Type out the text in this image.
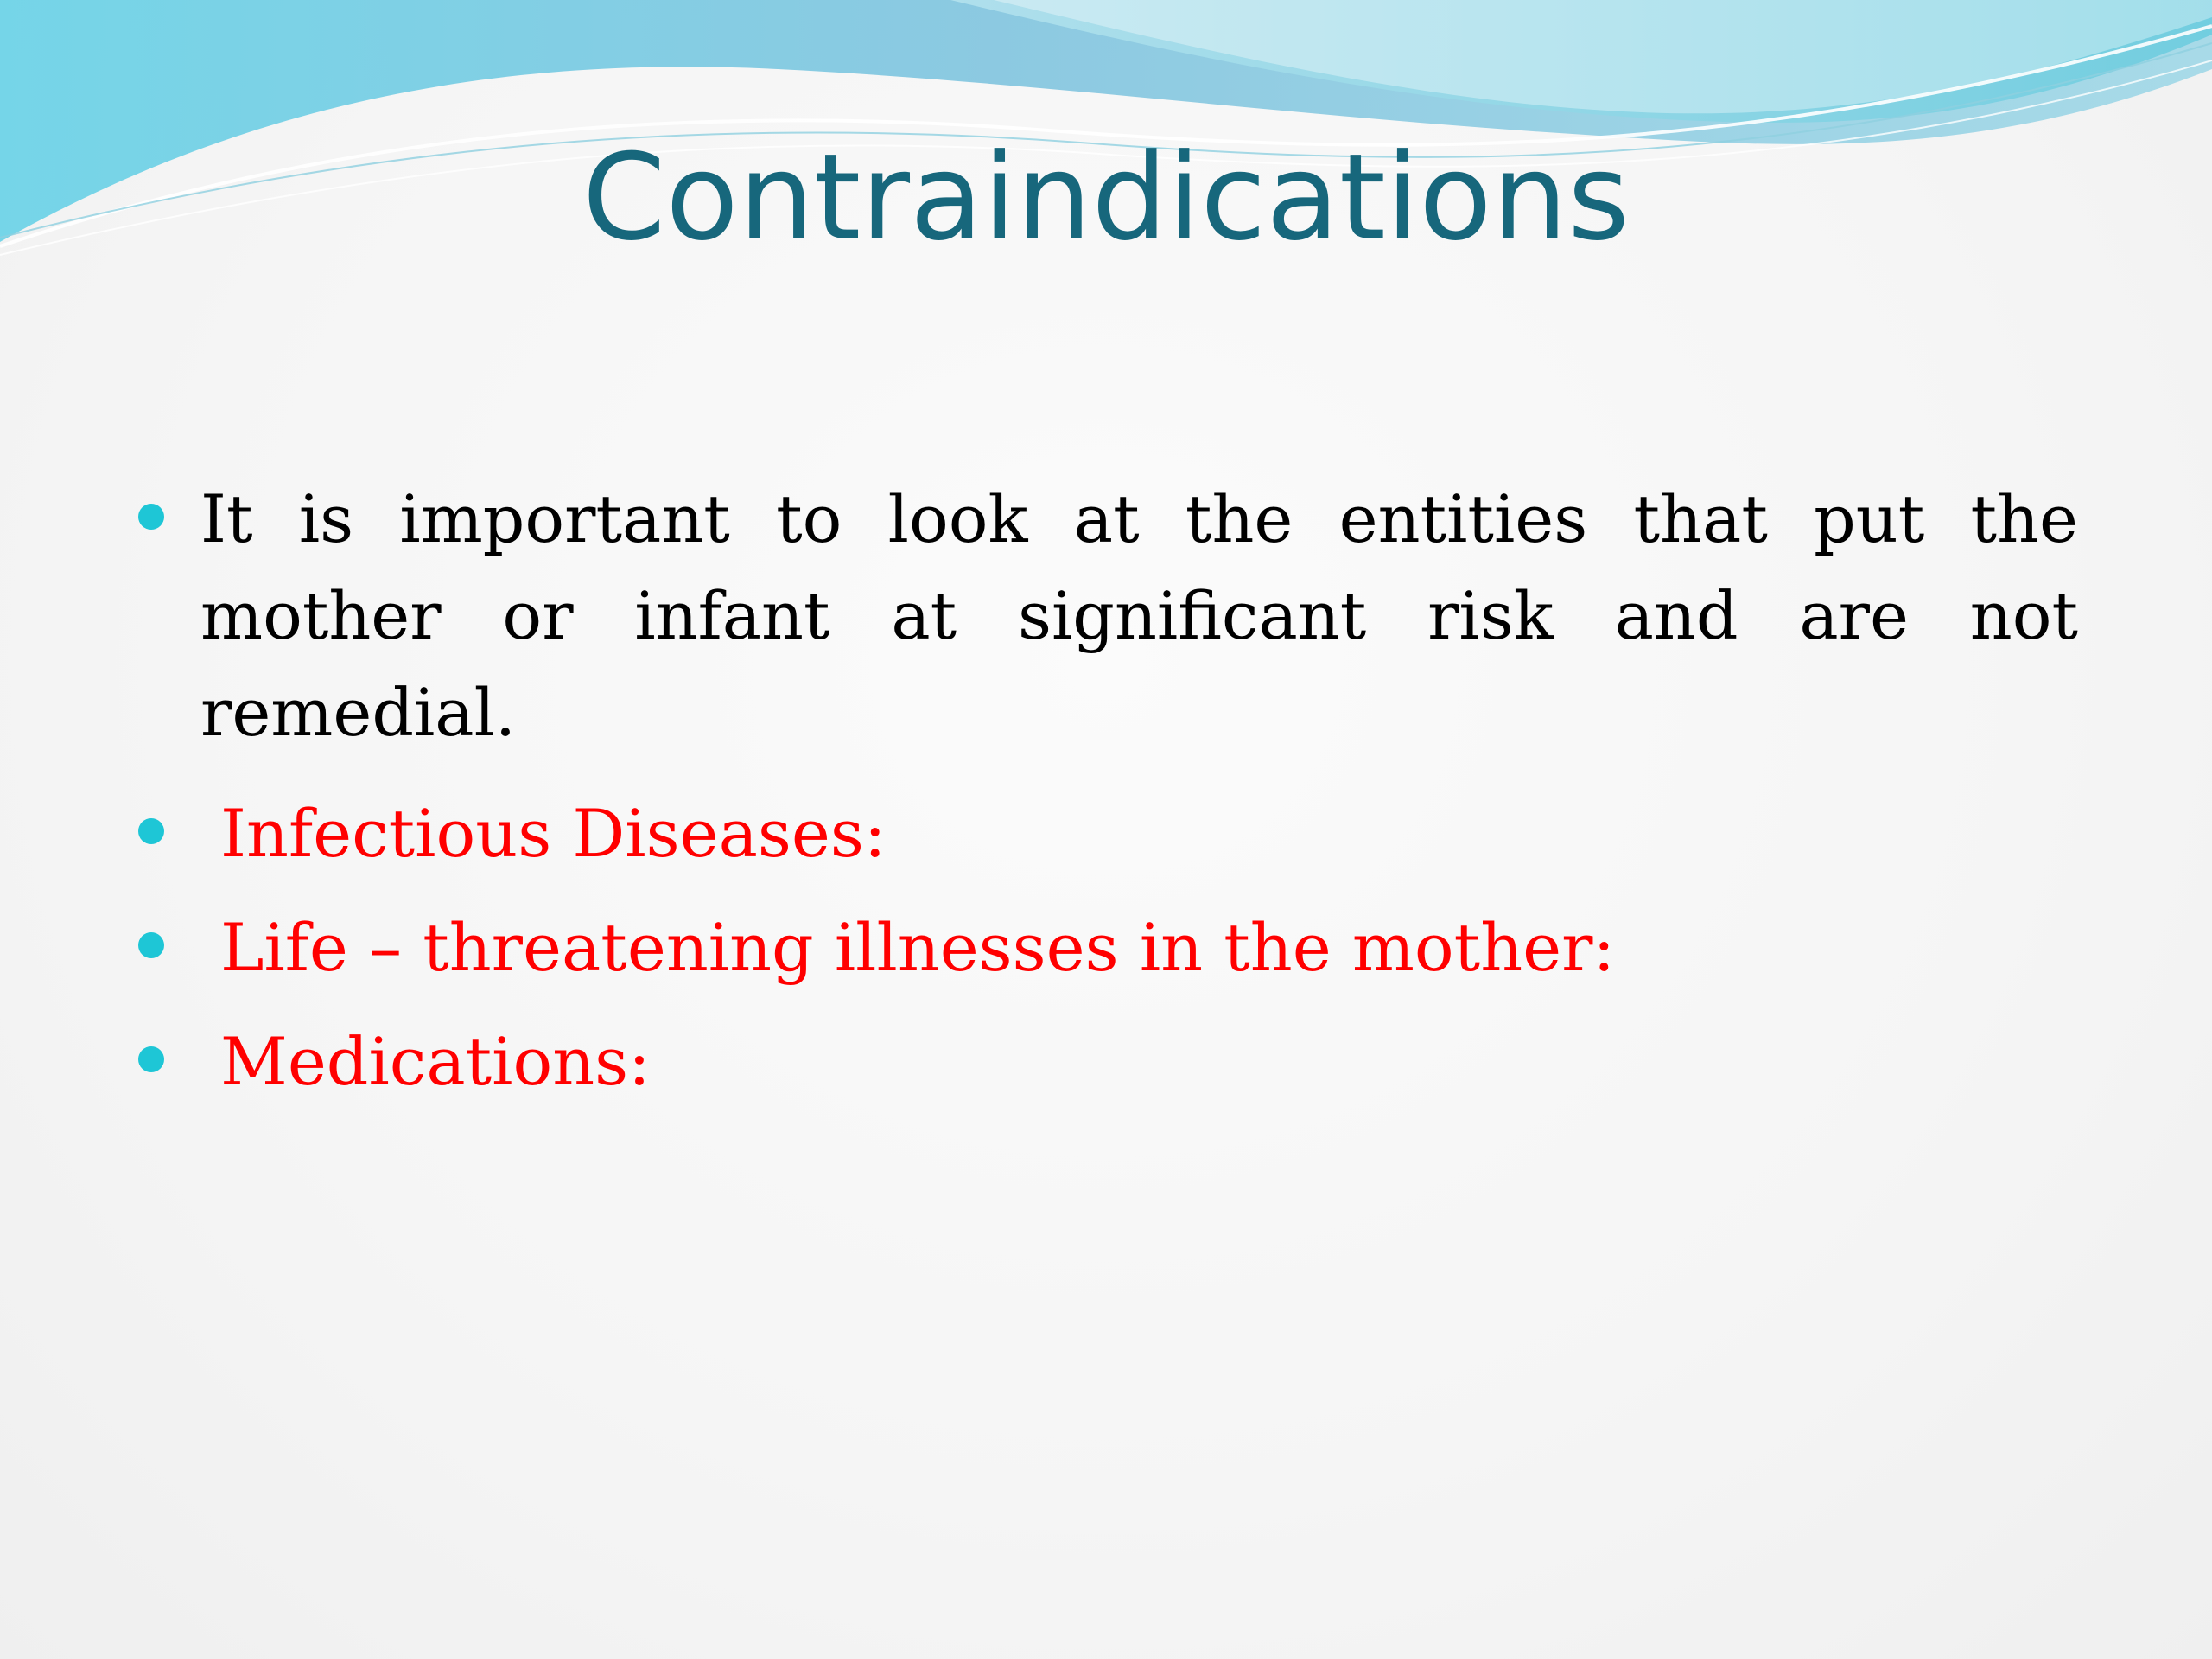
Contraindications
It is important to look at the entities that put the mother or infant at significant risk and are not remedial.
Infectious Diseases:
Life – threatening illnesses in the mother:
Medications:
